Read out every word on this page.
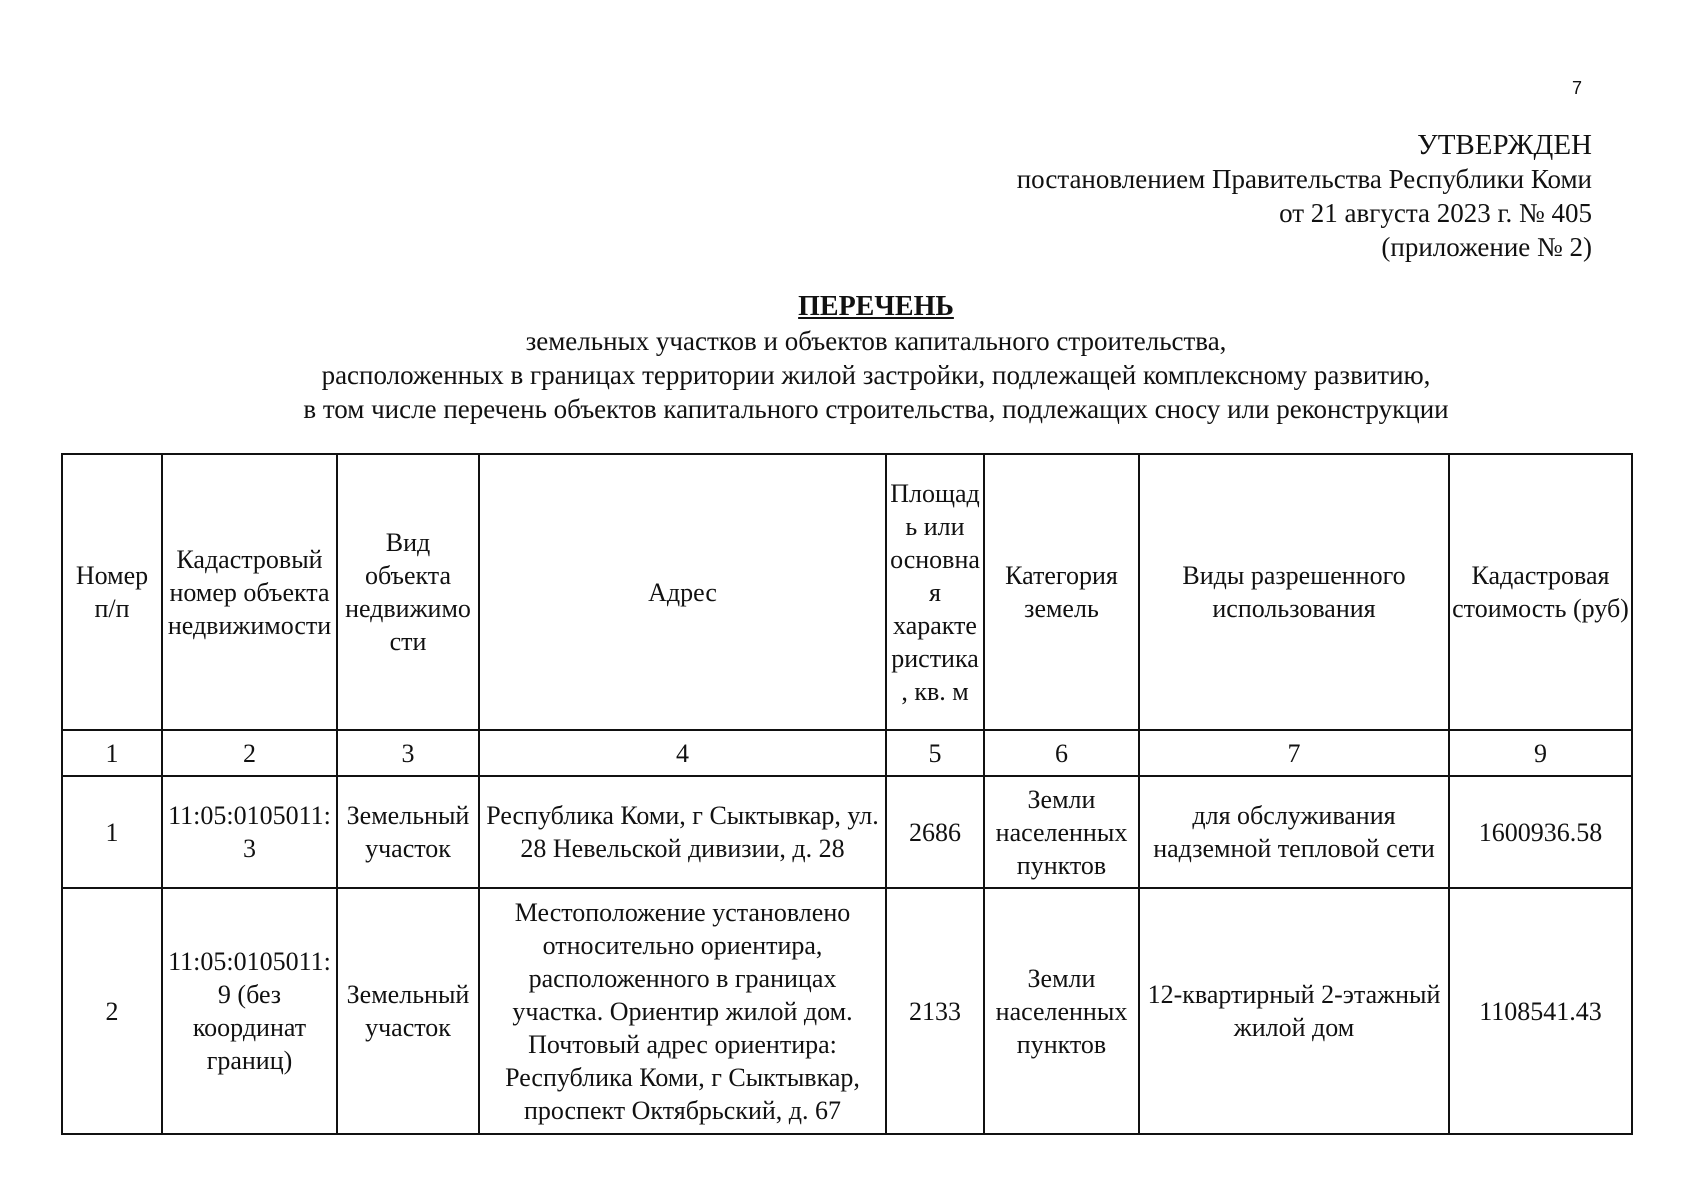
7
УТВЕРЖДЕН
постановлением Правительства Республики Коми
от 21 августа 2023 г. № 405
(приложение № 2)
ПЕРЕЧЕНЬ
земельных участков и объектов капитального строительства,
расположенных в границах территории жилой застройки, подлежащей комплексному развитию,
в том числе перечень объектов капитального строительства, подлежащих сносу или реконструкции
Номер п/п	Кадастровый номер объекта недвижимости	Вид объекта недвижимости	Адрес	Площадь или основная характеристика, кв. м	Категория земель	Виды разрешенного использования	Кадастровая стоимость (руб)
1	2	3	4	5	6	7	9
1	11:05:0105011:3	Земельный участок	Республика Коми, г Сыктывкар, ул. 28 Невельской дивизии, д. 28	2686	Земли населенных пунктов	для обслуживания надземной тепловой сети	1600936.58
2	11:05:0105011:9 (без координат границ)	Земельный участок	Местоположение установлено относительно ориентира, расположенного в границах участка. Ориентир жилой дом. Почтовый адрес ориентира: Республика Коми, г Сыктывкар, проспект Октябрьский, д. 67	2133	Земли населенных пунктов	12-квартирный 2-этажный жилой дом	1108541.43
